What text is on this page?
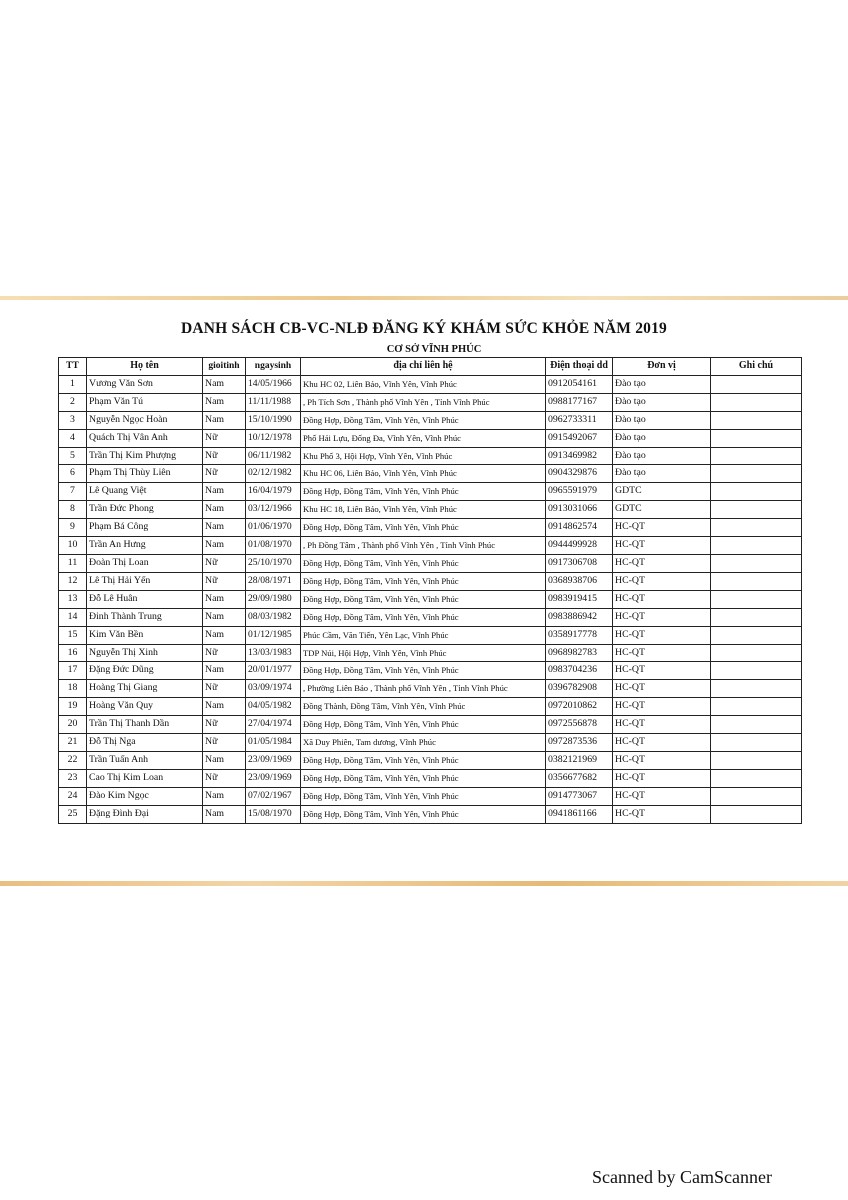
DANH SÁCH CB-VC-NLĐ ĐĂNG KÝ KHÁM SỨC KHỎE NĂM 2019
CƠ SỞ VĨNH PHÚC
TT	Họ tên	gioitinh	ngaysinh	địa chỉ liên hệ	Điện thoại dd	Đơn vị	Ghi chú
1	Vương Văn Sơn	Nam	14/05/1966	Khu HC 02, Liên Bảo, Vĩnh Yên, Vĩnh Phúc	0912054161	Đào tạo	
2	Phạm Văn Tú	Nam	11/11/1988	, Ph Tích Sơn , Thành phố Vĩnh Yên , Tỉnh Vĩnh Phúc	0988177167	Đào tạo	
3	Nguyễn Ngọc Hoàn	Nam	15/10/1990	Đồng Hợp, Đồng Tâm, Vĩnh Yên, Vĩnh Phúc	0962733311	Đào tạo	
4	Quách Thị Vân Anh	Nữ	10/12/1978	Phố Hải Lựu, Đống Đa, Vĩnh Yên, Vĩnh Phúc	0915492067	Đào tạo	
5	Trần Thị Kim Phượng	Nữ	06/11/1982	Khu Phố 3, Hội Hợp, Vĩnh Yên, Vĩnh Phúc	0913469982	Đào tạo	
6	Phạm Thị Thùy Liên	Nữ	02/12/1982	Khu HC 06, Liên Bảo, Vĩnh Yên, Vĩnh Phúc	0904329876	Đào tạo	
7	Lê Quang Việt	Nam	16/04/1979	Đồng Hợp, Đồng Tâm, Vĩnh Yên, Vĩnh Phúc	0965591979	GDTC	
8	Trần Đức Phong	Nam	03/12/1966	Khu HC 18, Liên Bảo, Vĩnh Yên, Vĩnh Phúc	0913031066	GDTC	
9	Phạm Bá Công	Nam	01/06/1970	Đồng Hợp, Đồng Tâm, Vĩnh Yên, Vĩnh Phúc	0914862574	HC-QT	
10	Trần An Hưng	Nam	01/08/1970	, Ph Đồng Tâm , Thành phố Vĩnh Yên , Tỉnh Vĩnh Phúc	0944499928	HC-QT	
11	Đoàn Thị Loan	Nữ	25/10/1970	Đồng Hợp, Đồng Tâm, Vĩnh Yên, Vĩnh Phúc	0917306708	HC-QT	
12	Lê Thị Hải Yến	Nữ	28/08/1971	Đồng Hợp, Đồng Tâm, Vĩnh Yên, Vĩnh Phúc	0368938706	HC-QT	
13	Đỗ Lê Huân	Nam	29/09/1980	Đồng Hợp, Đồng Tâm, Vĩnh Yên, Vĩnh Phúc	0983919415	HC-QT	
14	Đinh Thành Trung	Nam	08/03/1982	Đồng Hợp, Đồng Tâm, Vĩnh Yên, Vĩnh Phúc	0983886942	HC-QT	
15	Kim Văn Bền	Nam	01/12/1985	Phúc Cầm, Văn Tiến, Yên Lạc, Vĩnh Phúc	0358917778	HC-QT	
16	Nguyễn Thị Xinh	Nữ	13/03/1983	TDP Núi, Hội Hợp, Vĩnh Yên, Vĩnh Phúc	0968982783	HC-QT	
17	Đặng Đức Dũng	Nam	20/01/1977	Đồng Hợp, Đồng Tâm, Vĩnh Yên, Vĩnh Phúc	0983704236	HC-QT	
18	Hoàng Thị Giang	Nữ	03/09/1974	, Phường Liên Bảo , Thành phố Vĩnh Yên , Tỉnh Vĩnh Phúc	0396782908	HC-QT	
19	Hoàng Văn Quy	Nam	04/05/1982	Đồng Thành, Đồng Tâm, Vĩnh Yên, Vĩnh Phúc	0972010862	HC-QT	
20	Trần Thị Thanh Dần	Nữ	27/04/1974	Đồng Hợp, Đồng Tâm, Vĩnh Yên, Vĩnh Phúc	0972556878	HC-QT	
21	Đỗ Thị Nga	Nữ	01/05/1984	Xã Duy Phiên, Tam dương, Vĩnh Phúc	0972873536	HC-QT	
22	Trần Tuấn Anh	Nam	23/09/1969	Đồng Hợp, Đồng Tâm, Vĩnh Yên, Vĩnh Phúc	0382121969	HC-QT	
23	Cao Thị Kim Loan	Nữ	23/09/1969	Đồng Hợp, Đồng Tâm, Vĩnh Yên, Vĩnh Phúc	0356677682	HC-QT	
24	Đào Kim Ngọc	Nam	07/02/1967	Đồng Hợp, Đồng Tâm, Vĩnh Yên, Vĩnh Phúc	0914773067	HC-QT	
25	Đặng Đình Đại	Nam	15/08/1970	Đồng Hợp, Đồng Tâm, Vĩnh Yên, Vĩnh Phúc	0941861166	HC-QT	
Scanned by CamScanner
